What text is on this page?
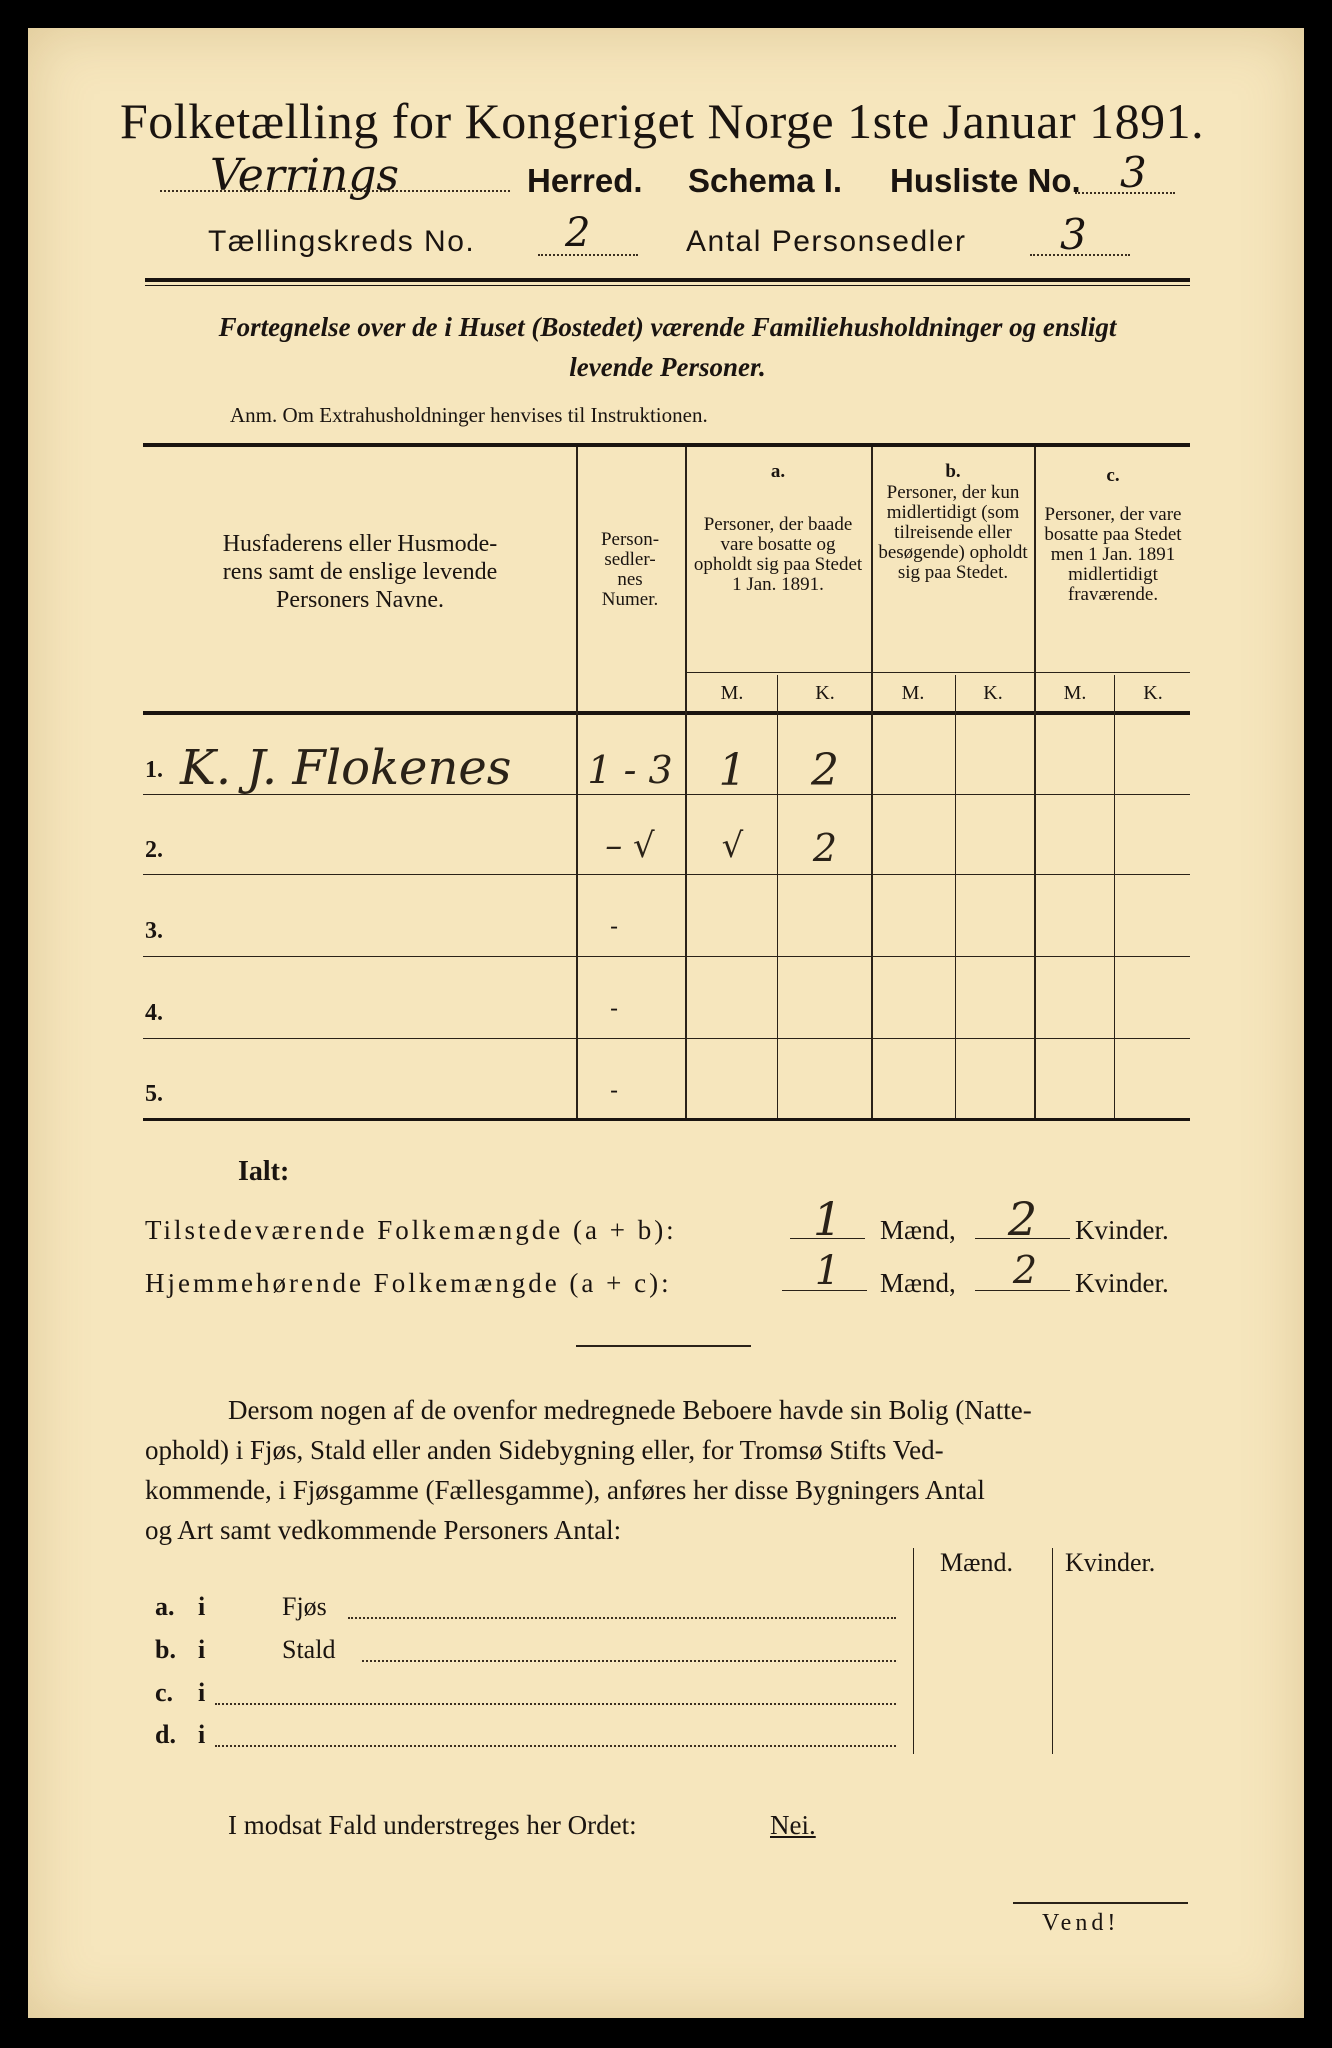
Folketælling for Kongeriget Norge 1ste Januar 1891.
Verrings	Herred. Schema I. Husliste No. 3
Tællingskreds No. 2	Antal Personsedler 3
Fortegnelse over de i Huset (Bostedet) værende Familiehusholdninger og ensligt
levende Personer.
Anm. Om Extrahusholdninger henvises til Instruktionen.
Husfaderens eller Husmode-
rens samt de enslige levende
Personers Navne.
Person-
sedler-
nes
Numer.
a.
Personer, der baade vare bosatte og opholdt sig paa Stedet 1 Jan. 1891.
b.
Personer, der kun midlertidigt (som tilreisende eller besøgende) opholdt sig paa Stedet.
c.
Personer, der vare bosatte paa Stedet men 1 Jan. 1891 midlertidigt fraværende.
M.	K.	M.	K.	M.	K.
1. K. J. Flokenes 1 - 3	1	2
2.	– √	√	2
3.	-
4.	-
5.	-
Ialt:
Tilstedeværende Folkemængde (a + b):	1	Mænd,	2	Kvinder.
Hjemmehørende Folkemængde (a + c):	1	Mænd,	2	Kvinder.
Dersom nogen af de ovenfor medregnede Beboere havde sin Bolig (Natte-
ophold) i Fjøs, Stald eller anden Sidebygning eller, for Tromsø Stifts Ved-
kommende, i Fjøsgamme (Fællesgamme), anføres her disse Bygningers Antal
og Art samt vedkommende Personers Antal:
Mænd. Kvinder.
a. i	Fjøs
b. i	Stald
c. i
d. i
I modsat Fald understreges her Ordet:	Nei.
Vend!
